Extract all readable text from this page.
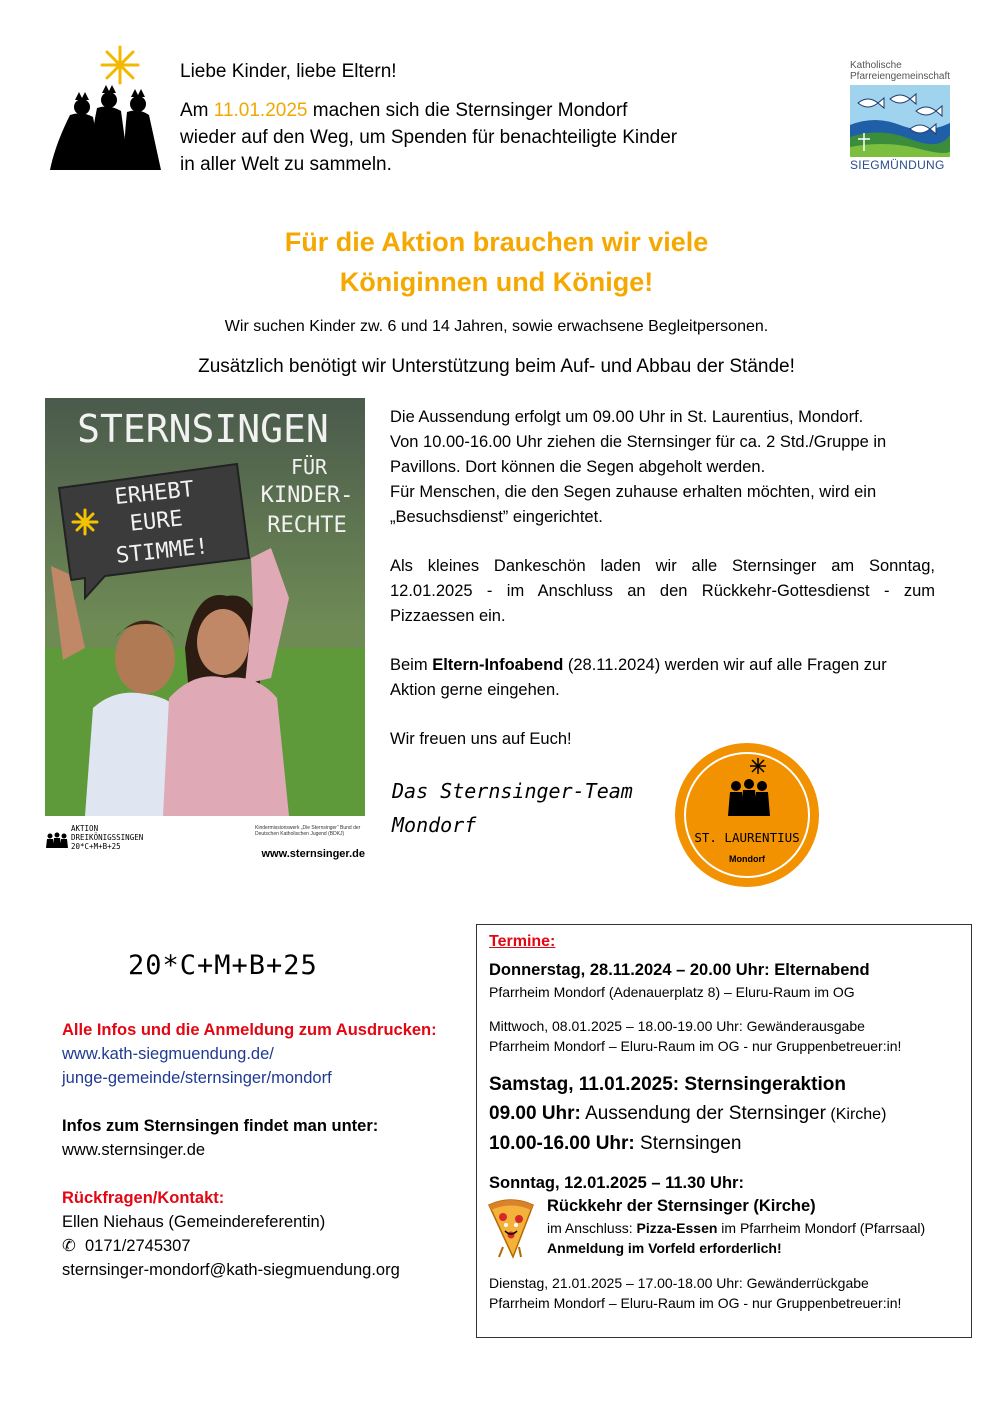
Liebe Kinder, liebe Eltern!

Am 11.01.2025 machen sich die Sternsinger Mondorf
wieder auf den Weg, um Spenden für benachteiligte Kinder
in aller Welt zu sammeln.

Katholische
Pfarreiengemeinschaft
SIEGMÜNDUNG
Für die Aktion brauchen wir viele
Königinnen und Könige!
Wir suchen Kinder zw. 6 und 14 Jahren, sowie erwachsene Begleitpersonen.
Zusätzlich benötigt wir Unterstützung beim Auf- und Abbau der Stände!
ERHEBT
EURE
STIMME!
STERNSINGEN
FÜR
KINDER-
RECHTE
AKTION
DREIKÖNIGSSINGEN
20*C+M+B+25
Kindermissionswerk „Die Sternsinger“ Bund der Deutschen Katholischen Jugend (BDKJ)
www.sternsinger.de

Die Aussendung erfolgt um 09.00 Uhr in St. Laurentius, Mondorf.
Von 10.00-16.00 Uhr ziehen die Sternsinger für ca. 2 Std./Gruppe in
Pavillons. Dort können die Segen abgeholt werden.
Für Menschen, die den Segen zuhause erhalten möchten, wird ein
„Besuchsdienst” eingerichtet.

Als kleines Dankeschön laden wir alle Sternsinger am Sonntag, 12.01.2025 - im Anschluss an den Rückkehr-Gottesdienst - zum Pizzaessen ein.

Beim Eltern-Infoabend (28.11.2024) werden wir auf alle Fragen zur Aktion gerne eingehen.

Wir freuen uns auf Euch!

Das Sternsinger-Team
Mondorf
ST. LAURENTIUS
Mondorf
20*C+M+B+25
Alle Infos und die Anmeldung zum Ausdrucken:
www.kath-siegmuendung.de/
junge-gemeinde/sternsinger/mondorf
Infos zum Sternsingen findet man unter:
www.sternsinger.de
Rückfragen/Kontakt:
Ellen Niehaus (Gemeindereferentin)
✆ 0171/2745307
sternsinger-mondorf@kath-siegmuendung.org
Termine:
Donnerstag, 28.11.2024 – 20.00 Uhr: Elternabend
Pfarrheim Mondorf (Adenauerplatz 8) – Eluru-Raum im OG
Mittwoch, 08.01.2025 – 18.00-19.00 Uhr: Gewänderausgabe
Pfarrheim Mondorf – Eluru-Raum im OG - nur Gruppenbetreuer:in!
Samstag, 11.01.2025: Sternsingeraktion
09.00 Uhr: Aussendung der Sternsinger (Kirche)
10.00-16.00 Uhr: Sternsingen
Sonntag, 12.01.2025 – 11.30 Uhr:
Rückkehr der Sternsinger (Kirche)
im Anschluss: Pizza-Essen im Pfarrheim Mondorf (Pfarrsaal)
Anmeldung im Vorfeld erforderlich!
Dienstag, 21.01.2025 – 17.00-18.00 Uhr: Gewänderrückgabe
Pfarrheim Mondorf – Eluru-Raum im OG - nur Gruppenbetreuer:in!
